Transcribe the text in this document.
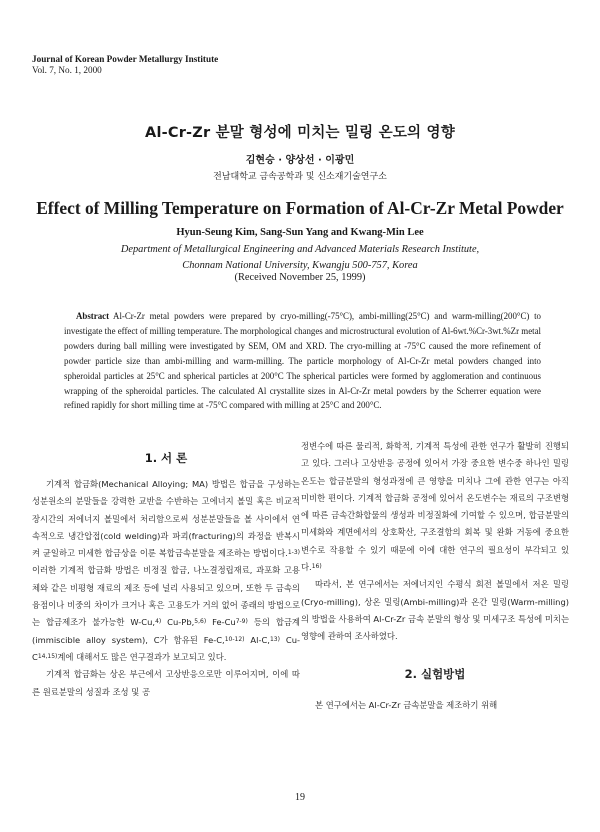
Journal of Korean Powder Metallurgy Institute
Vol. 7, No. 1, 2000
Al-Cr-Zr 분말 형성에 미치는 밀링 온도의 영향
김현승 · 양상선 · 이광민
전남대학교 금속공학과 및 신소재기술연구소
Effect of Milling Temperature on Formation of Al-Cr-Zr Metal Powder
Hyun-Seung Kim, Sang-Sun Yang and Kwang-Min Lee
Department of Metallurgical Engineering and Advanced Materials Research Institute,
Chonnam National University, Kwangju 500-757, Korea
(Received November 25, 1999)
Abstract Al-Cr-Zr metal powders were prepared by cryo-milling(-75°C), ambi-milling(25°C) and warm-milling(200°C) to investigate the effect of milling temperature. The morphological changes and microstructural evolution of Al-6wt.%Cr-3wt.%Zr metal powders during ball milling were investigated by SEM, OM and XRD. The cryo-milling at -75°C caused the more refinement of powder particle size than ambi-milling and warm-milling. The particle morphology of Al-Cr-Zr metal powders changed into spheroidal particles at 25°C and spherical particles at 200°C The spherical particles were formed by agglomeration and continuous wrapping of the spheroidal particles. The calculated Al crystallite sizes in Al-Cr-Zr metal powders by the Scherrer equation were refined rapidly for short milling time at -75°C compared with milling at 25°C and 200°C.
1. 서 론

기계적 합금화(Mechanical Alloying; MA) 방법은 합금을 구성하는 성분원소의 분말들을 강력한 교반을 수반하는 고에너지 볼밀 혹은 비교적 장시간의 저에너지 볼밀에서 처리함으로써 성분분말들을 볼 사이에서 연속적으로 냉간압접(cold welding)과 파괴(fracturing)의 과정을 반복시켜 균일하고 미세한 합금상을 이룬 복합금속분말을 제조하는 방법이다.$^{1-3)}$ 이러한 기계적 합금화 방법은 비정질 합금, 나노결정립재료, 과포화 고용체와 같은 비평형 재료의 제조 등에 널리 사용되고 있으며, 또한 두 금속의 융점이나 비중의 차이가 크거나 혹은 고용도가 거의 없어 종래의 방법으로는 합금제조가 불가능한 W-Cu,$^{4)}$ Cu-Pb,$^{5,6)}$ Fe-Cu$^{7-9)}$ 등의 합금계(immiscible alloy system), C가 함유된 Fe-C,$^{10-12)}$ Al-C,$^{13)}$ $Cu-C^{14,15)}$계에 대해서도 많은 연구결과가 보고되고 있다.

기계적 합금화는 상온 부근에서 고상반응으로만 이루어지며, 이에 따른 원료분말의 성질과 조성 및 공

정변수에 따른 물리적, 화학적, 기계적 특성에 관한 연구가 활발히 진행되고 있다. 그러나 고상반응 공정에 있어서 가장 중요한 변수중 하나인 밀링 온도는 합금분말의 형성과정에 큰 영향을 미치나 그에 관한 연구는 아직 미비한 편이다. 기계적 합금화 공정에 있어서 온도변수는 재료의 구조변형에 따른 금속간화합물의 생성과 비정질화에 기여할 수 있으며, 합금분말의 미세화와 계면에서의 상호확산, 구조결함의 회복 및 완화 거동에 중요한 변수로 작용할 수 있기 때문에 이에 대한 연구의 필요성이 부각되고 있다.$^{16)}$

따라서, 본 연구에서는 저에너지인 수평식 회전 볼밀에서 저온 밀링(Cryo-milling), 상온 밀링(Ambi-milling)과 온간 밀링(Warm-milling)의 방법을 사용하여 Al-Cr-Zr 금속 분말의 형상 및 미세구조 특성에 미치는 영향에 관하여 조사하였다.

2. 실험방법

본 연구에서는 Al-Cr-Zr 금속분말을 제조하기 위해

19
